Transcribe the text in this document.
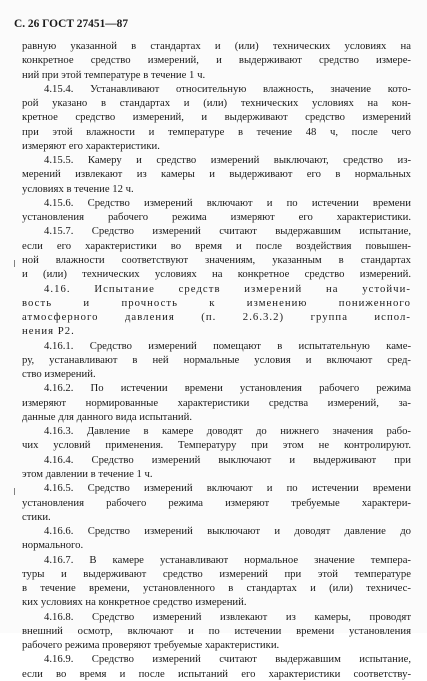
С. 26 ГОСТ 27451—87
равную указанной в стандартах и (или) технических условиях на
конкретное средство измерений, и выдерживают средство измере-
ний при этой температуре в течение 1 ч.
4.15.4. Устанавливают относительную влажность, значение кото-
рой указано в стандартах и (или) технических условиях на кон-
кретное средство измерений, и выдерживают средство измерений
при этой влажности и температуре в течение 48 ч, после чего
измеряют его характеристики.
4.15.5. Камеру и средство измерений выключают, средство из-
мерений извлекают из камеры и выдерживают его в нормальных
условиях в течение 12 ч.
4.15.6. Средство измерений включают и по истечении времени
установления рабочего режима измеряют его характеристики.
4.15.7. Средство измерений считают выдержавшим испытание,
если его характеристики во время и после воздействия повышен-
ной влажности соответствуют значениям, указанным в стандартах
и (или) технических условиях на конкретное средство измерений.
4.16. Испытание средств измерений на устойчи-
вость и прочность к изменению пониженного
атмосферного давления (п. 2.6.3.2) группа испол-
нения Р2.
4.16.1. Средство измерений помещают в испытательную каме-
ру, устанавливают в ней нормальные условия и включают сред-
ство измерений.
4.16.2. По истечении времени установления рабочего режима
измеряют нормированные характеристики средства измерений, за-
данные для данного вида испытаний.
4.16.3. Давление в камере доводят до нижнего значения рабо-
чих условий применения. Температуру при этом не контролируют.
4.16.4. Средство измерений выключают и выдерживают при
этом давлении в течение 1 ч.
4.16.5. Средство измерений включают и по истечении времени
установления рабочего режима измеряют требуемые характери-
стики.
4.16.6. Средство измерений выключают и доводят давление до
нормального.
4.16.7. В камере устанавливают нормальное значение темпера-
туры и выдерживают средство измерений при этой температуре
в течение времени, установленного в стандартах и (или) техничес-
ких условиях на конкретное средство измерений.
4.16.8. Средство измерений извлекают из камеры, проводят
внешний осмотр, включают и по истечении времени установления
рабочего режима проверяют требуемые характеристики.
4.16.9. Средство измерений считают выдержавшим испытание,
если во время и после испытаний его характеристики соответству-
